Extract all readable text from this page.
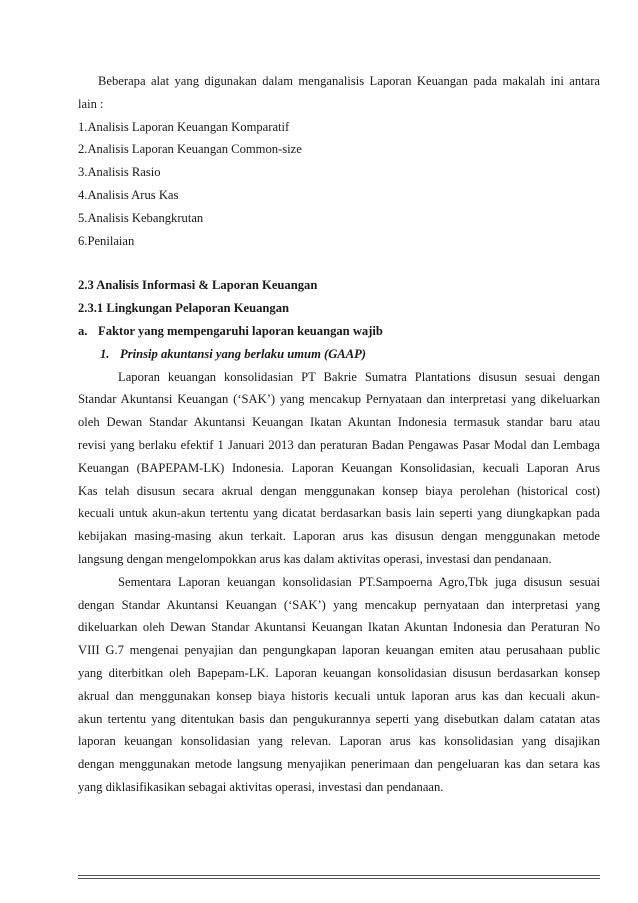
Beberapa alat yang digunakan dalam menganalisis Laporan Keuangan pada makalah ini antara
lain :
1.Analisis Laporan Keuangan Komparatif
2.Analisis Laporan Keuangan Common-size
3.Analisis Rasio
4.Analisis Arus Kas
5.Analisis Kebangkrutan
6.Penilaian
2.3 Analisis Informasi & Laporan Keuangan
2.3.1 Lingkungan Pelaporan Keuangan
a. Faktor yang mempengaruhi laporan keuangan wajib
1. Prinsip akuntansi yang berlaku umum (GAAP)
Laporan keuangan konsolidasian PT Bakrie Sumatra Plantations disusun sesuai dengan
Standar Akuntansi Keuangan (‘SAK’) yang mencakup Pernyataan dan interpretasi yang dikeluarkan
oleh Dewan Standar Akuntansi Keuangan Ikatan Akuntan Indonesia termasuk standar baru atau
revisi yang berlaku efektif 1 Januari 2013 dan peraturan Badan Pengawas Pasar Modal dan Lembaga
Keuangan (BAPEPAM-LK) Indonesia. Laporan Keuangan Konsolidasian, kecuali Laporan Arus
Kas telah disusun secara akrual dengan menggunakan konsep biaya perolehan (historical cost)
kecuali untuk akun-akun tertentu yang dicatat berdasarkan basis lain seperti yang diungkapkan pada
kebijakan masing-masing akun terkait. Laporan arus kas disusun dengan menggunakan metode
langsung dengan mengelompokkan arus kas dalam aktivitas operasi, investasi dan pendanaan.
Sementara Laporan keuangan konsolidasian PT.Sampoerna Agro,Tbk juga disusun sesuai
dengan Standar Akuntansi Keuangan (‘SAK’) yang mencakup pernyataan dan interpretasi yang
dikeluarkan oleh Dewan Standar Akuntansi Keuangan Ikatan Akuntan Indonesia dan Peraturan No
VIII G.7 mengenai penyajian dan pengungkapan laporan keuangan emiten atau perusahaan public
yang diterbitkan oleh Bapepam-LK. Laporan keuangan konsolidasian disusun berdasarkan konsep
akrual dan menggunakan konsep biaya historis kecuali untuk laporan arus kas dan kecuali akun-
akun tertentu yang ditentukan basis dan pengukurannya seperti yang disebutkan dalam catatan atas
laporan keuangan konsolidasian yang relevan. Laporan arus kas konsolidasian yang disajikan
dengan menggunakan metode langsung menyajikan penerimaan dan pengeluaran kas dan setara kas
yang diklasifikasikan sebagai aktivitas operasi, investasi dan pendanaan.
